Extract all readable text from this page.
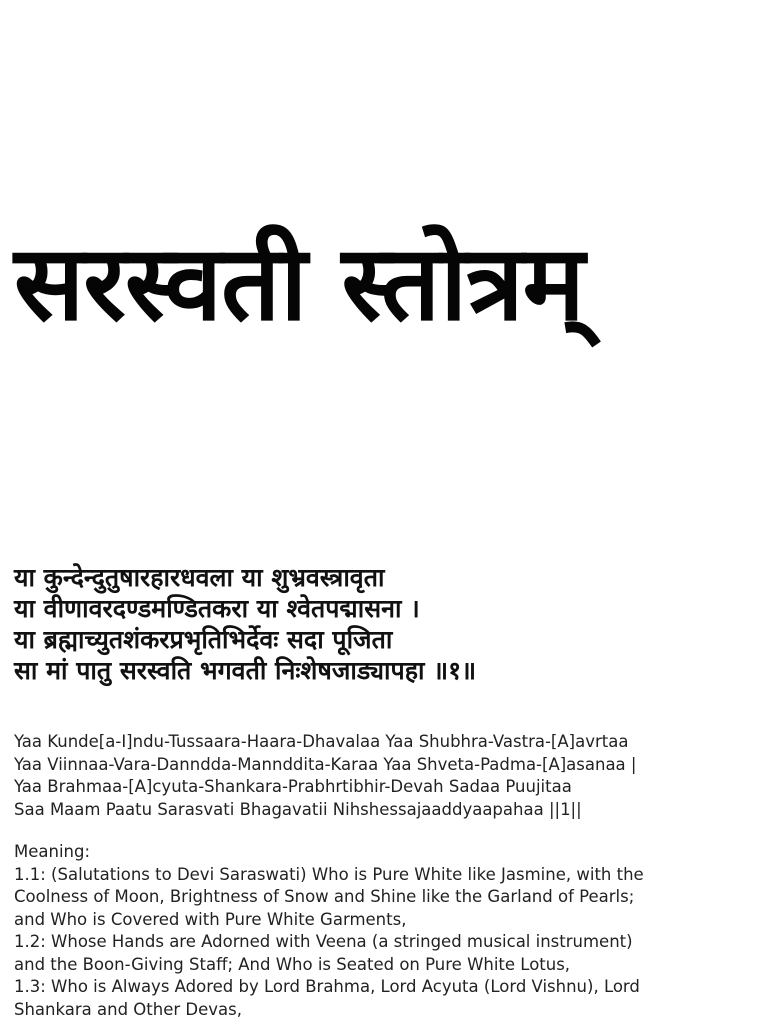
सरस्वती स्तोत्रम्
या कुन्देन्दुतुषारहारधवला या शुभ्रवस्त्रावृता
या वीणावरदण्डमण्डितकरा या श्वेतपद्मासना ।
या ब्रह्माच्युतशंकरप्रभृतिभिर्देवः सदा पूजिता
सा मां पातु सरस्वति भगवती निःशेषजाड्यापहा ॥१॥
Yaa Kunde[a-I]ndu-Tussaara-Haara-Dhavalaa Yaa Shubhra-Vastra-[A]avrtaa
Yaa Viinnaa-Vara-Danndda-Mannddita-Karaa Yaa Shveta-Padma-[A]asanaa |
Yaa Brahmaa-[A]cyuta-Shankara-Prabhrtibhir-Devah Sadaa Puujitaa
Saa Maam Paatu Sarasvati Bhagavatii Nihshessajaaddyaapahaa ||1||
Meaning:
1.1: (Salutations to Devi Saraswati) Who is Pure White like Jasmine, with the
Coolness of Moon, Brightness of Snow and Shine like the Garland of Pearls;
and Who is Covered with Pure White Garments,
1.2: Whose Hands are Adorned with Veena (a stringed musical instrument)
and the Boon-Giving Staff; And Who is Seated on Pure White Lotus,
1.3: Who is Always Adored by Lord Brahma, Lord Acyuta (Lord Vishnu), Lord
Shankara and Other Devas,
